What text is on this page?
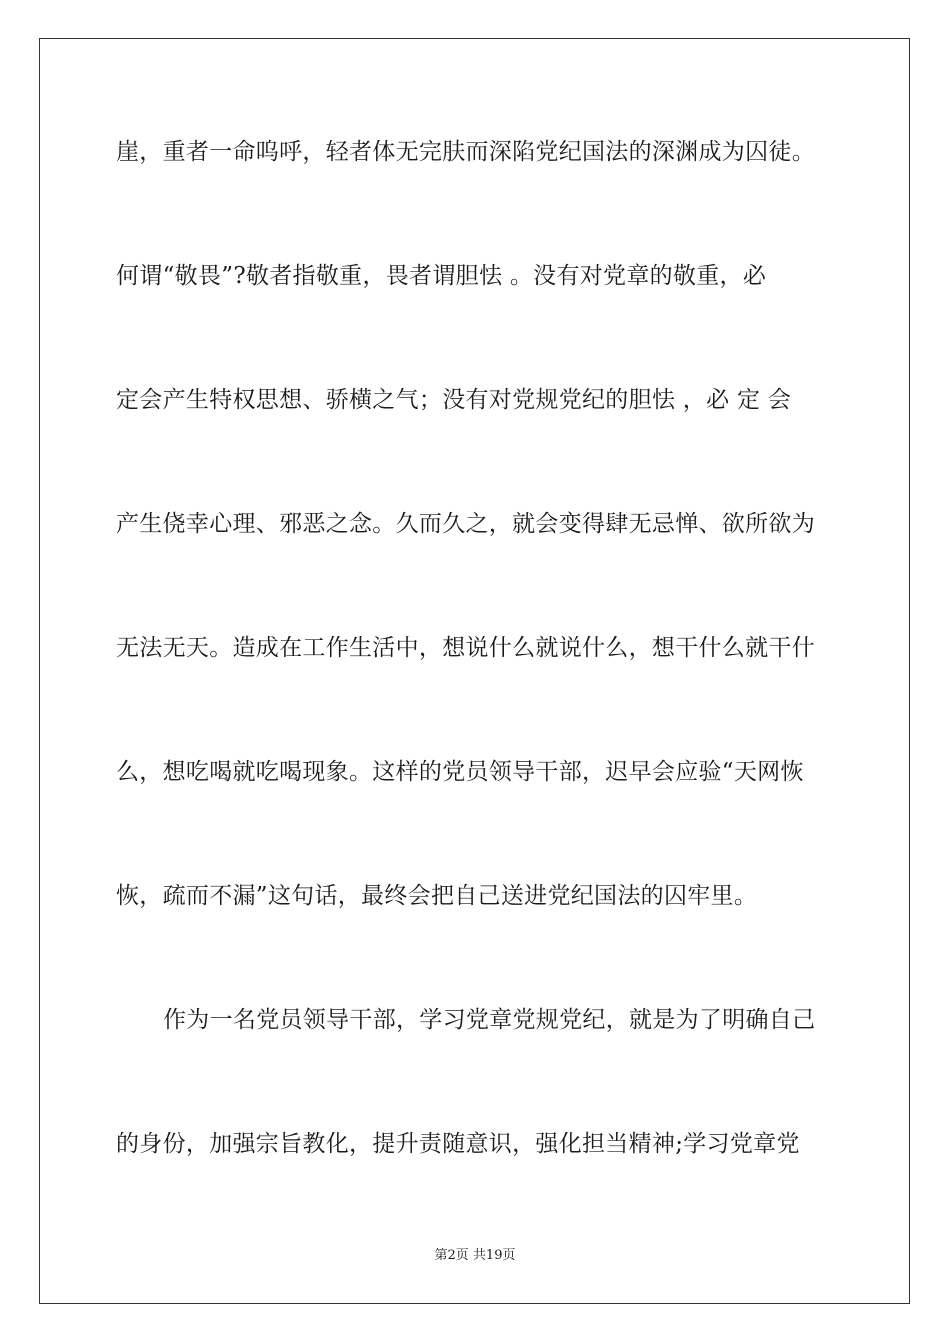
崖，重者一命呜呼，轻者体无完肤而深陷党纪国法的深渊成为囚徒。
何谓“敬畏”?敬者指敬重，畏者谓胆怯 。没有对党章的敬重，必
定会产生特权思想、骄横之气；没有对党规党纪的胆怯 ，必 定 会
产生侥幸心理、邪恶之念。久而久之，就会变得肆无忌惮、欲所欲为
无法无天。造成在工作生活中，想说什么就说什么，想干什么就干什
么，想吃喝就吃喝现象。这样的党员领导干部，迟早会应验“天网恢
恢，疏而不漏”这句话，最终会把自己送进党纪国法的囚牢里。
作为一名党员领导干部，学习党章党规党纪，就是为了明确自己
的身份，加强宗旨教化，提升责随意识，强化担当精神;学习党章党
第2页 共19页
